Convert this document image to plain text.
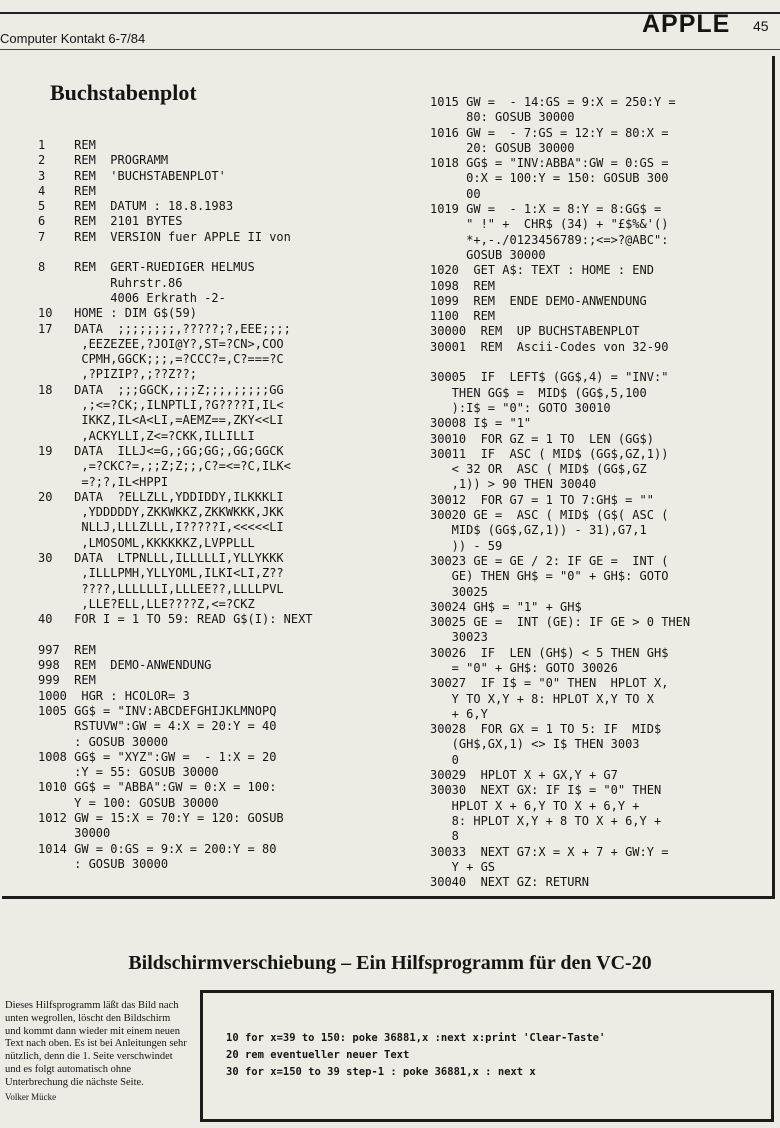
Computer Kontakt 6-7/84
APPLE 45
Buchstabenplot
1    REM
2    REM  PROGRAMM
3    REM  'BUCHSTABENPLOT'
4    REM
5    REM  DATUM : 18.8.1983
6    REM  2101 BYTES
7    REM  VERSION fuer APPLE II von
8    REM  GERT-RUEDIGER HELMUS
Ruhrstr.86
4006 Erkrath -2-
10   HOME : DIM G$(59)
17   DATA  ;;;;;;;;,?????;?,EEE;;;;
,EEZEZEE,?JOI@Y?,ST=?CN>,COO
CPMH,GGCK;;;,=?CCC?=,C?===?C
,?PIZIP?,;??Z??;
18   DATA  ;;;GGCK,;;;Z;;;,;;;;;GG
,;<=?CK;,ILNPTLI,?G????I,IL<
IKKZ,IL<A<LI,=AEMZ==,ZKY<<LI
,ACKYLLI,Z<=?CKK,ILLILLI
19   DATA  ILLJ<=G,;GG;GG;,GG;GGCK
,=?CKC?=,;;Z;Z;;,C?=<=?C,ILK<
=?;?,IL<HPPI
20   DATA  ?ELLZLL,YDDIDDY,ILKKKLI
,YDDDDDY,ZKKWKKZ,ZKKWKKK,JKK
NLLJ,LLLZLLL,I?????I,<<<<<LI
,LMOSOML,KKKKKKZ,LVPPLLL
30   DATA  LTPNLLL,ILLLLLI,YLLYKKK
,ILLLPMH,YLLYOML,ILKI<LI,Z??
????,LLLLLLI,LLLEE??,LLLLPVL
,LLE?ELL,LLE????Z,<=?CKZ
40   FOR I = 1 TO 59: READ G$(I): NEXT
997  REM
998  REM  DEMO-ANWENDUNG
999  REM
1000  HGR : HCOLOR= 3
1005 GG$ = "INV:ABCDEFGHIJKLMNOPQ
RSTUVW":GW = 4:X = 20:Y = 40
: GOSUB 30000
1008 GG$ = "XYZ":GW =  - 1:X = 20
:Y = 55: GOSUB 30000
1010 GG$ = "ABBA":GW = 0:X = 100:
Y = 100: GOSUB 30000
1012 GW = 15:X = 70:Y = 120: GOSUB
30000
1014 GW = 0:GS = 9:X = 200:Y = 80
: GOSUB 30000
1015 GW =  - 14:GS = 9:X = 250:Y =
80: GOSUB 30000
1016 GW =  - 7:GS = 12:Y = 80:X =
20: GOSUB 30000
1018 GG$ = "INV:ABBA":GW = 0:GS =
0:X = 100:Y = 150: GOSUB 300
00
1019 GW =  - 1:X = 8:Y = 8:GG$ =
" !" +  CHR$ (34) + "£$%&'()
*+,-./0123456789:;<=>?@ABC":
GOSUB 30000
1020  GET A$: TEXT : HOME : END
1098  REM
1099  REM  ENDE DEMO-ANWENDUNG
1100  REM
30000  REM  UP BUCHSTABENPLOT
30001  REM  Ascii-Codes von 32-90
30005  IF  LEFT$ (GG$,4) = "INV:"
THEN GG$ =  MID$ (GG$,5,100
):I$ = "0": GOTO 30010
30008 I$ = "1"
30010  FOR GZ = 1 TO  LEN (GG$)
30011  IF  ASC ( MID$ (GG$,GZ,1))
< 32 OR  ASC ( MID$ (GG$,GZ
,1)) > 90 THEN 30040
30012  FOR G7 = 1 TO 7:GH$ = ""
30020 GE =  ASC ( MID$ (G$( ASC (
MID$ (GG$,GZ,1)) - 31),G7,1
)) - 59
30023 GE = GE / 2: IF GE =  INT (
GE) THEN GH$ = "0" + GH$: GOTO
30025
30024 GH$ = "1" + GH$
30025 GE =  INT (GE): IF GE > 0 THEN
30023
30026  IF  LEN (GH$) < 5 THEN GH$
= "0" + GH$: GOTO 30026
30027  IF I$ = "0" THEN  HPLOT X,
Y TO X,Y + 8: HPLOT X,Y TO X
+ 6,Y
30028  FOR GX = 1 TO 5: IF  MID$
(GH$,GX,1) <> I$ THEN 3003
0
30029  HPLOT X + GX,Y + G7
30030  NEXT GX: IF I$ = "0" THEN
HPLOT X + 6,Y TO X + 6,Y +
8: HPLOT X,Y + 8 TO X + 6,Y +
8
30033  NEXT G7:X = X + 7 + GW:Y =
Y + GS
30040  NEXT GZ: RETURN
Bildschirmverschiebung – Ein Hilfsprogramm für den VC-20
Dieses Hilfsprogramm läßt das Bild nach unten wegrollen, löscht den Bildschirm und kommt dann wieder mit einem neuen Text nach oben. Es ist bei Anleitungen sehr nützlich, denn die 1. Seite verschwindet und es folgt automatisch ohne Unterbrechung die nächste Seite.
Volker Mücke
10 for x=39 to 150: poke 36881,x :next x:print 'Clear-Taste'
20 rem eventueller neuer Text
30 for x=150 to 39 step-1 : poke 36881,x : next x
